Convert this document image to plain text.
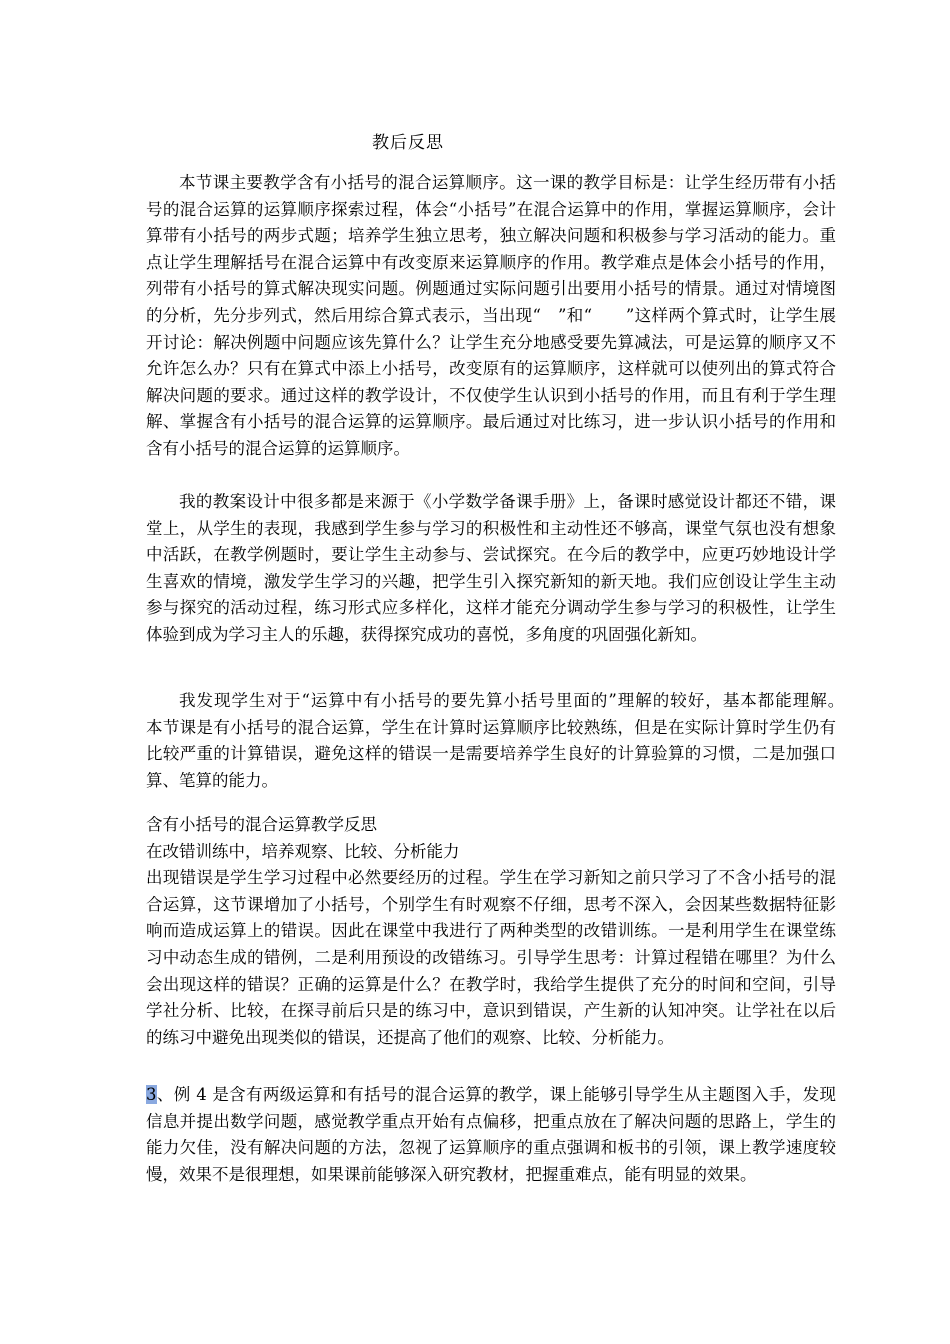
教后反思
本节课主要教学含有小括号的混合运算顺序。这一课的教学目标是：让学生经历带有小括号的混合运算的运算顺序探索过程，体会“小括号”在混合运算中的作用，掌握运算顺序，会计算带有小括号的两步式题；培养学生独立思考，独立解决问题和积极参与学习活动的能力。重点让学生理解括号在混合运算中有改变原来运算顺序的作用。教学难点是体会小括号的作用，列带有小括号的算式解决现实问题。例题通过实际问题引出要用小括号的情景。通过对情境图的分析，先分步列式，然后用综合算式表示，当出现“　”和“　　”这样两个算式时，让学生展开讨论：解决例题中问题应该先算什么？让学生充分地感受要先算减法，可是运算的顺序又不允许怎么办？只有在算式中添上小括号，改变原有的运算顺序，这样就可以使列出的算式符合解决问题的要求。通过这样的教学设计，不仅使学生认识到小括号的作用，而且有利于学生理解、掌握含有小括号的混合运算的运算顺序。最后通过对比练习，进一步认识小括号的作用和含有小括号的混合运算的运算顺序。
我的教案设计中很多都是来源于《小学数学备课手册》上，备课时感觉设计都还不错，课堂上，从学生的表现，我感到学生参与学习的积极性和主动性还不够高，课堂气氛也没有想象中活跃，在教学例题时，要让学生主动参与、尝试探究。在今后的教学中，应更巧妙地设计学生喜欢的情境，激发学生学习的兴趣，把学生引入探究新知的新天地。我们应创设让学生主动参与探究的活动过程，练习形式应多样化，这样才能充分调动学生参与学习的积极性，让学生体验到成为学习主人的乐趣，获得探究成功的喜悦，多角度的巩固强化新知。
我发现学生对于“运算中有小括号的要先算小括号里面的”理解的较好，基本都能理解。　　本节课是有小括号的混合运算，学生在计算时运算顺序比较熟练，但是在实际计算时学生仍有比较严重的计算错误，避免这样的错误一是需要培养学生良好的计算验算的习惯，二是加强口算、笔算的能力。
含有小括号的混合运算教学反思
在改错训练中，培养观察、比较、分析能力
出现错误是学生学习过程中必然要经历的过程。学生在学习新知之前只学习了不含小括号的混合运算，这节课增加了小括号，个别学生有时观察不仔细，思考不深入，会因某些数据特征影响而造成运算上的错误。因此在课堂中我进行了两种类型的改错训练。一是利用学生在课堂练习中动态生成的错例，二是利用预设的改错练习。引导学生思考：计算过程错在哪里？为什么会出现这样的错误？正确的运算是什么？在教学时，我给学生提供了充分的时间和空间，引导学社分析、比较，在探寻前后只是的练习中，意识到错误，产生新的认知冲突。让学社在以后的练习中避免出现类似的错误，还提高了他们的观察、比较、分析能力。
3、例 4 是含有两级运算和有括号的混合运算的教学，课上能够引导学生从主题图入手，发现信息并提出数学问题，感觉教学重点开始有点偏移，把重点放在了解决问题的思路上，学生的能力欠佳，没有解决问题的方法，忽视了运算顺序的重点强调和板书的引领，课上教学速度较慢，效果不是很理想，如果课前能够深入研究教材，把握重难点，能有明显的效果。
